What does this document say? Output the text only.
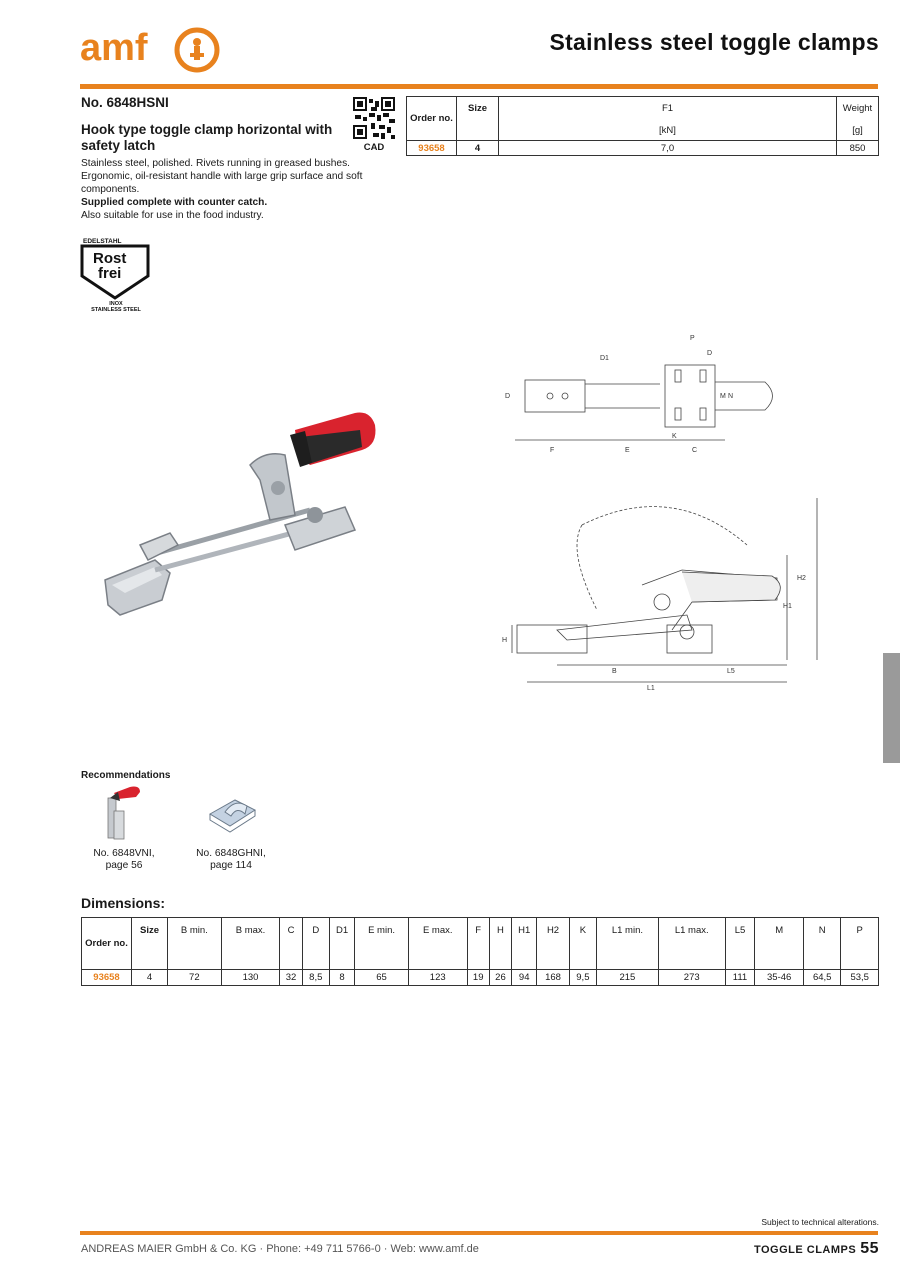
amf	Stainless steel toggle clamps
No. 6848HSNI
Hook type toggle clamp horizontal with safety latch
Stainless steel, polished. Rivets running in greased bushes. Ergonomic, oil-resistant handle with large grip surface and soft components.
Supplied complete with counter catch.
Also suitable for use in the food industry.
CAD
EDELSTAHL
Rost
frei
INOX
STAINLESS STEEL
Order no.	Size	F1	Weight
		[kN]	[g]
93658	4	7,0	850
P
D
D1
D	M N
K
F	E	C
H2
H1
H
B	L5
L1
Recommendations
No. 6848VNI,
page 56
No. 6848GHNI,
page 114
Dimensions:
Order no.	Size	B min.	B max.	C	D	D1	E min.	E max.	F	H	H1	H2	K	L1 min.	L1 max.	L5	M	N	P
93658	4	72	130	32	8,5	8	65	123	19	26	94	168	9,5	215	273	111	35-46	64,5	53,5
Subject to technical alterations.
ANDREAS MAIER GmbH & Co. KG · Phone: +49 711 5766-0 · Web: www.amf.de	TOGGLE CLAMPS 55
